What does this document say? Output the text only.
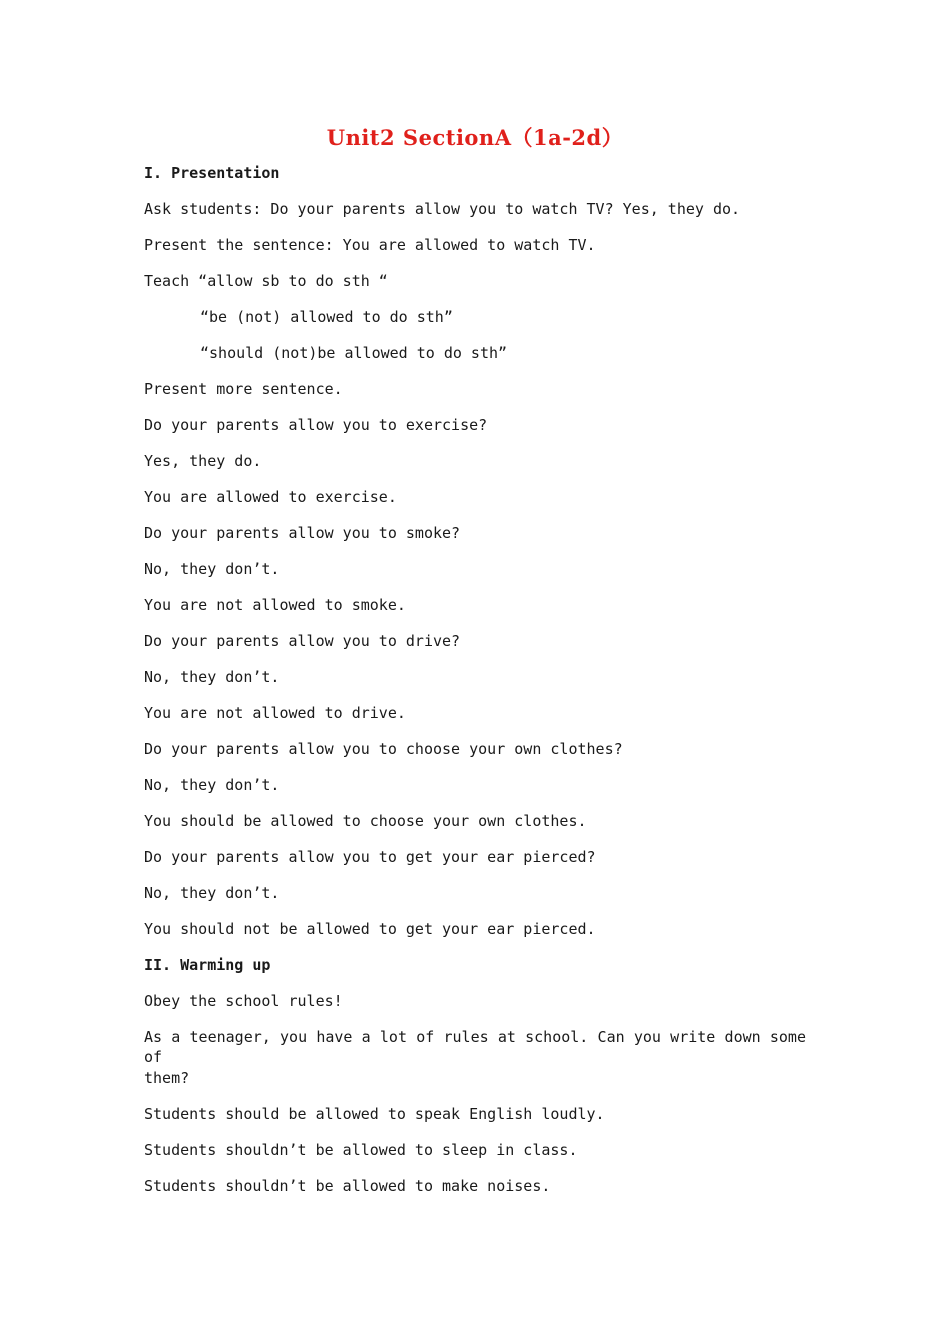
Unit2 SectionA（1a-2d）
I. Presentation
Ask students: Do your parents allow you to watch TV? Yes, they do.
Present the sentence: You are allowed to watch TV.
Teach “allow sb to do sth “
“be (not) allowed to do sth”
“should (not)be allowed to do sth”
Present more sentence.
Do your parents allow you to exercise?
Yes, they do.
You are allowed to exercise.
Do your parents allow you to smoke?
No, they don’t.
You are not allowed to smoke.
Do your parents allow you to drive?
No, they don’t.
You are not allowed to drive.
Do your parents allow you to choose your own clothes?
No, they don’t.
You should be allowed to choose your own clothes.
Do your parents allow you to get your ear pierced?
No, they don’t.
You should not be allowed to get your ear pierced.
II. Warming up
Obey the school rules!
As a teenager, you have a lot of rules at school. Can you write down some of
them?
Students should be allowed to speak English loudly.
Students shouldn’t be allowed to sleep in class.
Students shouldn’t be allowed to make noises.
